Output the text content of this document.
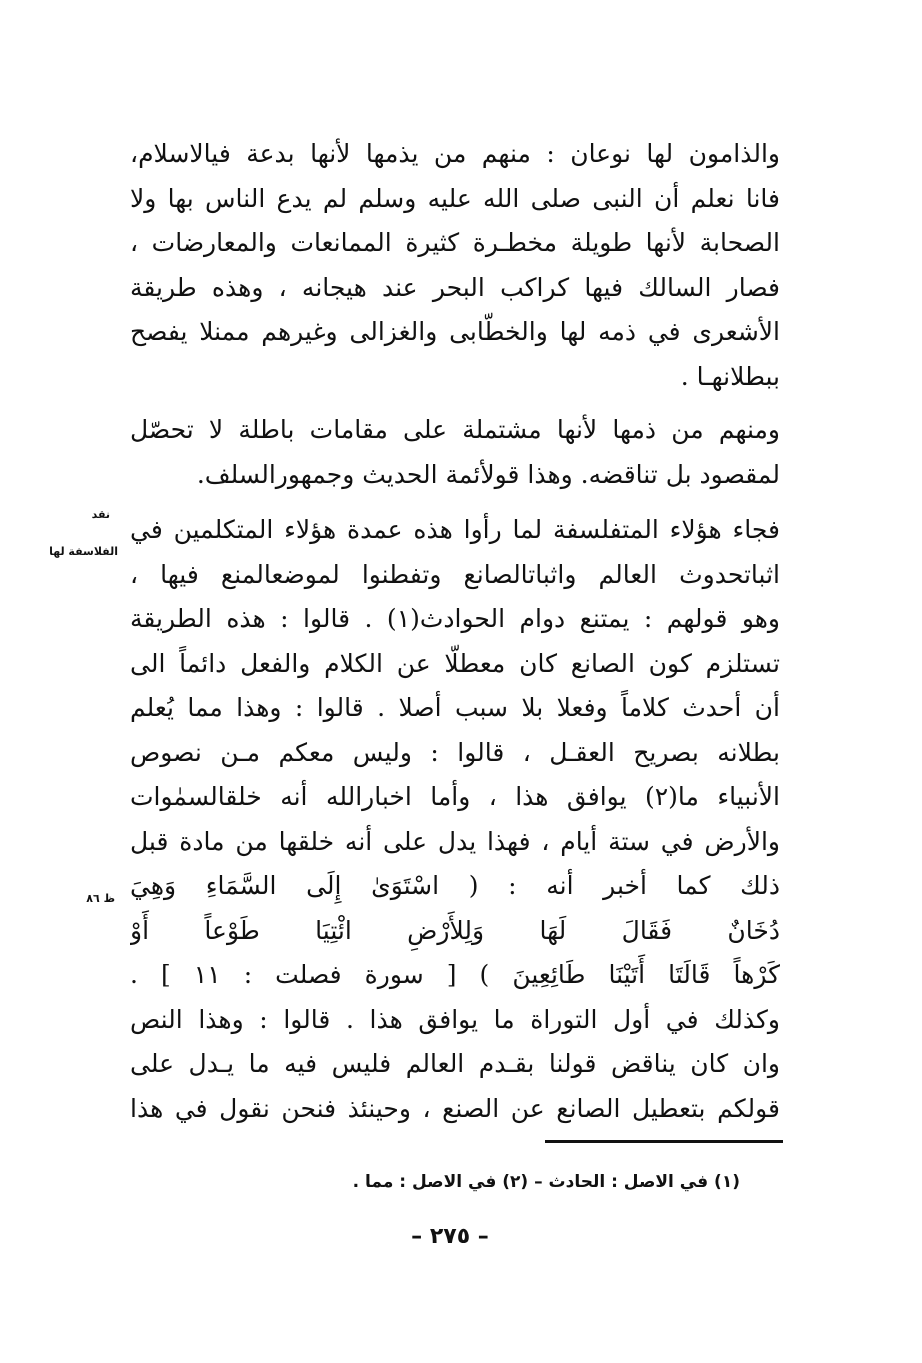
والذامون لها نوعان : منهم من يذمها لأنها بدعة فيالاسلام،
فانا نعلم أن النبى صلى الله عليه وسلم لم يدع الناس بها ولا
الصحابة لأنها طويلة مخطـرة كثيرة الممانعات والمعارضات ،
فصار السالك فيها كراكب البحر عند هيجانه ، وهذه طريقة
الأشعرى في ذمه لها والخطّابى والغزالى وغيرهم ممنلا يفصح
ببطلانهـا .
ومنهم من ذمها لأنها مشتملة على مقامات باطلة لا تحصّل
لمقصود بل تناقضه. وهذا قولأئمة الحديث وجمهورالسلف.
فجاء هؤلاء المتفلسفة لما رأوا هذه عمدة هؤلاء المتكلمين في
اثباتحدوث العالم واثباتالصانع وتفطنوا لموضعالمنع فيها ،
وهو قولهم : يمتنع دوام الحوادث(١) . قالوا : هذه الطريقة
تستلزم كون الصانع كان معطلّا عن الكلام والفعل دائماً الى
أن أحدث كلاماً وفعلا بلا سبب أصلا . قالوا : وهذا مما يُعلم
بطلانه بصريح العقـل ، قالوا : وليس معكم مـن نصوص
الأنبياء ما(٢) يوافق هذا ، وأما اخبارالله أنه خلقالسمٰوات
والأرض في ستة أيام ، فهذا يدل على أنه خلقها من مادة قبل
ذلك كما أخبر أنه : ( اسْتَوَىٰ إِلَى السَّمَاءِ وَهِيَ
دُخَانٌ فَقَالَ لَهَا وَلِلأَرْضِ ائْتِيَا طَوْعاً أَوْ
كَرْهاً قَالَتَا أَتَيْنَا طَائِعِينَ ) [ سورة فصلت : ١١ ] .
وكذلك في أول التوراة ما يوافق هذا . قالوا : وهذا النص
وان كان يناقض قولنا بقـدم العالم فليس فيه ما يـدل على
قولكم بتعطيل الصانع عن الصنع ، وحينئذ فنحن نقول في هذا
نقد
الفلاسفة لها
ظ ٨٦
(١) في الاصل : الحادث – (٢) في الاصل : مما .
– ٢٧٥ –
